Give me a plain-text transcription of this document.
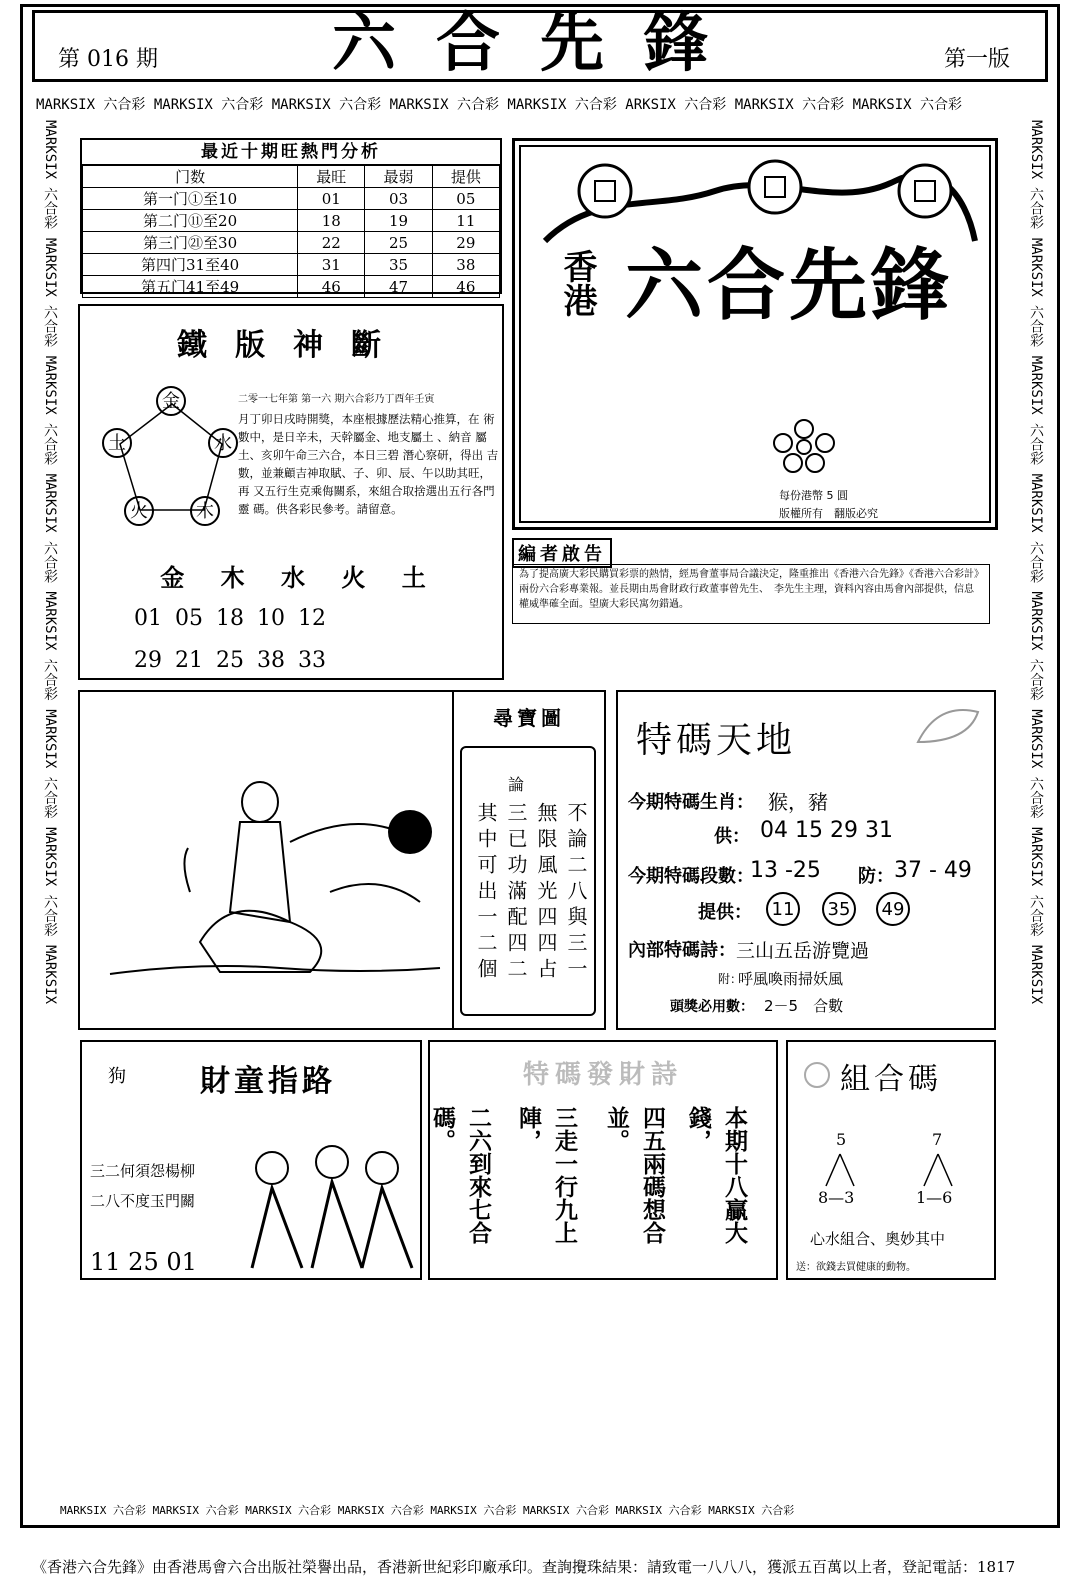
第 016 期	六合先鋒	第一版
MARKSIX 六合彩 MARKSIX 六合彩 MARKSIX 六合彩 MARKSIX 六合彩 MARKSIX 六合彩 ARKSIX 六合彩 MARKSIX 六合彩 MARKSIX 六合彩
MARKSIX 六合彩 MARKSIX 六合彩 MARKSIX 六合彩 MARKSIX 六合彩 MARKSIX 六合彩 MARKSIX 六合彩 MARKSIX 六合彩 MARKSIX	MARKSIX 六合彩 MARKSIX 六合彩 MARKSIX 六合彩 MARKSIX 六合彩 MARKSIX 六合彩 MARKSIX 六合彩 MARKSIX 六合彩 MARKSIX
MARKSIX 六合彩 MARKSIX 六合彩 MARKSIX 六合彩 MARKSIX 六合彩 MARKSIX 六合彩 MARKSIX 六合彩 MARKSIX 六合彩 MARKSIX 六合彩
最近十期旺熱門分析
门数	最旺	最弱	提供
第一门①至10	01	03	05
第二门⑪至20	18	19	11
第三门㉑至30	22	25	29
第四门31至40	31	35	38
第五门41至49	46	47	46
鐵版神斷
金
水
木
火
土
二零一七年第 第一六 期六合彩乃丁酉年壬寅
月丁卯日戌時開獎，本座根據歷法精心推算，在 術數中，是日辛未，天幹屬金、地支屬土 、納音 屬土、亥卯午命三六合，本日三碧 潛心察研，得出 吉數，並兼顧吉神取賦、子、卯、辰、午以助其旺，再 又五行生克乘侮關系，來組合取捨選出五行各門靈 碼。供各彩民參考。請留意。
金 木 水 火 土
01 05 18 10 12
29 21 25 38 33
香港 六合先鋒
每份港幣 5 圓
版權所有　翻版必究
編者啟告
為了提高廣大彩民購買彩票的熱情，經馬會董事局合議決定，隆重推出《香港六合先鋒》《香港六合彩計》兩份六合彩專業報。並長期由馬會財政行政董事曾先生、　李先生主理，資料內容由馬會內部提供，信息權威準確全面。望廣大彩民寓勿錯過。
尋寶圖
論
不論二八與三一
無限風光四四占
三已功滿配四二
其中可出一二個
特碼天地
今期特碼生肖： 猴，豬
供： 04 15 29 31
今期特碼段數：
13 -25 防： 37 - 49
提供：	11	35	49
內部特碼詩： 三山五岳游覽過
附：
呼風喚雨掃妖風
頭獎必用數： 2－5　合數
狗 財童指路
三二何須怨楊柳
二八不度玉門關
11 25 01
特碼發財詩
本期十八贏大錢，
四五兩碼想合並。
三走一行九上陣，
二六到來七合碼。
組合碼
5
8—3
7
1—6
心水組合、奧妙其中
送：欲錢去買健康的動物。
《香港六合先鋒》由香港馬會六合出版社榮譽出品，香港新世紀彩印廠承印。查詢攪珠結果：請致電一八八八，獲派五百萬以上者，登記電話：1817
